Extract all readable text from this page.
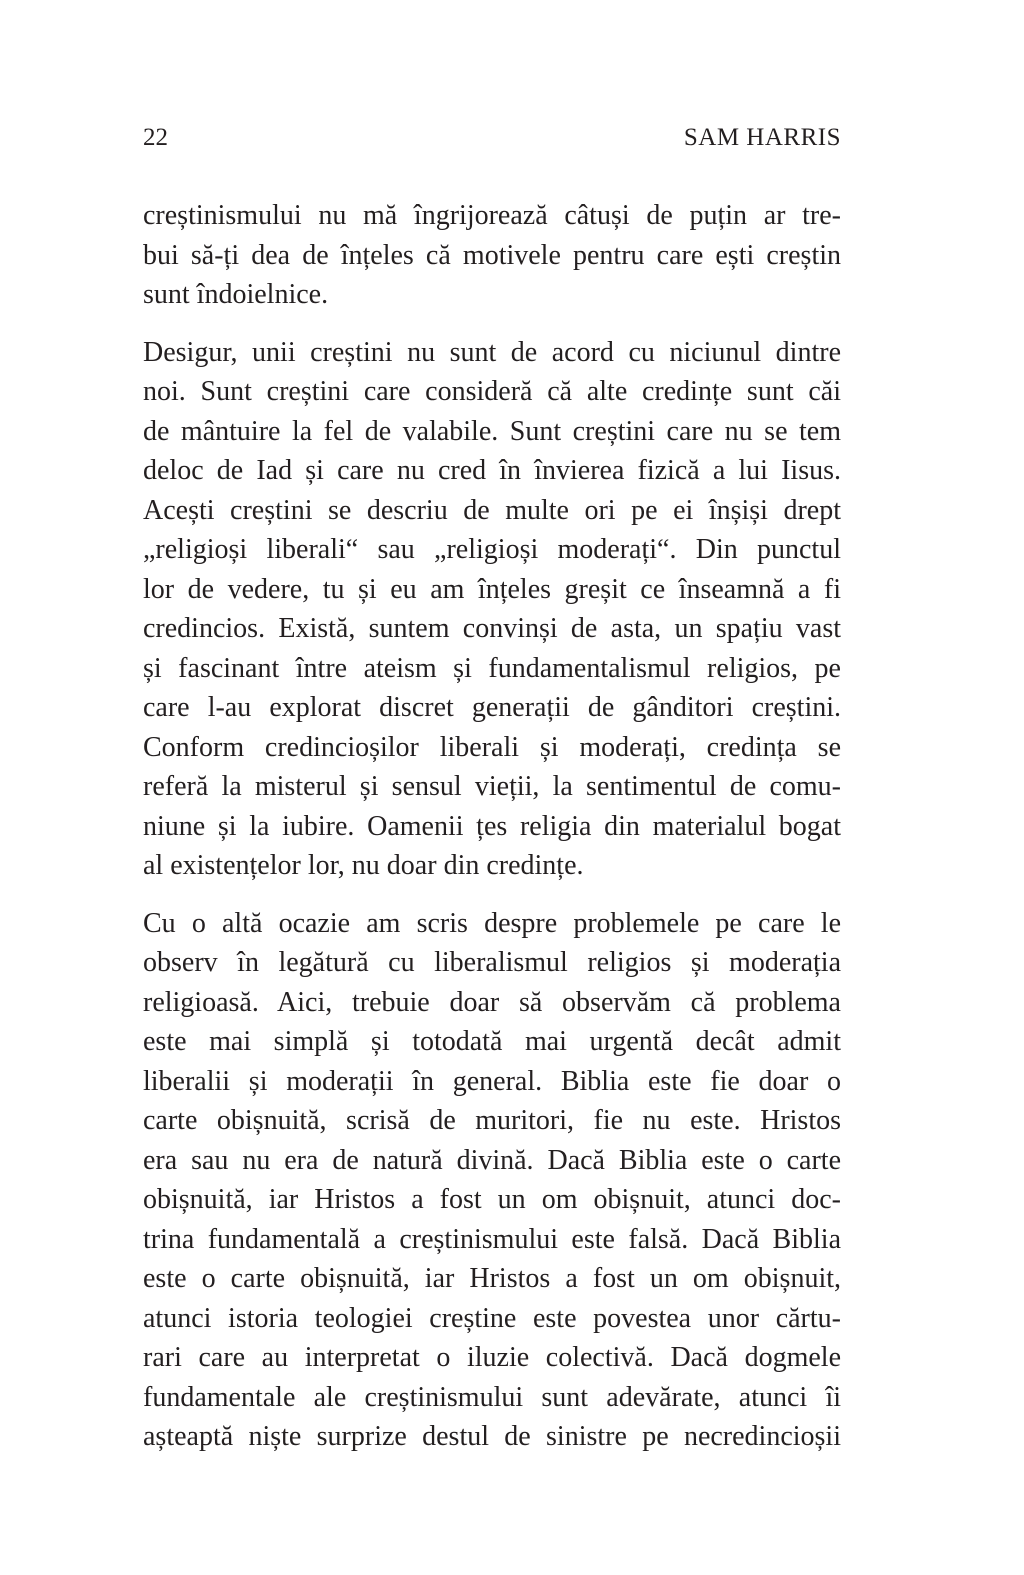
22	SAM HARRIS
creștinismului nu mă îngrijorează câtuși de puțin ar tre-
bui să-ți dea de înțeles că motivele pentru care ești creștin
sunt îndoielnice.
Desigur, unii creștini nu sunt de acord cu niciunul dintre
noi. Sunt creștini care consideră că alte credințe sunt căi
de mântuire la fel de valabile. Sunt creștini care nu se tem
deloc de Iad și care nu cred în învierea fizică a lui Iisus.
Acești creștini se descriu de multe ori pe ei înșiși drept
„religioși liberali“ sau „religioși moderați“. Din punctul
lor de vedere, tu și eu am înțeles greșit ce înseamnă a fi
credincios. Există, suntem convinși de asta, un spațiu vast
și fascinant între ateism și fundamentalismul religios, pe
care l-au explorat discret generații de gânditori creștini.
Conform credincioșilor liberali și moderați, credința se
referă la misterul și sensul vieții, la sentimentul de comu-
niune și la iubire. Oamenii țes religia din materialul bogat
al existențelor lor, nu doar din credințe.
Cu o altă ocazie am scris despre problemele pe care le
observ în legătură cu liberalismul religios și moderația
religioasă. Aici, trebuie doar să observăm că problema
este mai simplă și totodată mai urgentă decât admit
liberalii și moderații în general. Biblia este fie doar o
carte obișnuită, scrisă de muritori, fie nu este. Hristos
era sau nu era de natură divină. Dacă Biblia este o carte
obișnuită, iar Hristos a fost un om obișnuit, atunci doc-
trina fundamentală a creștinismului este falsă. Dacă Biblia
este o carte obișnuită, iar Hristos a fost un om obișnuit,
atunci istoria teologiei creștine este povestea unor cărtu-
rari care au interpretat o iluzie colectivă. Dacă dogmele
fundamentale ale creștinismului sunt adevărate, atunci îi
așteaptă niște surprize destul de sinistre pe necredincioșii
